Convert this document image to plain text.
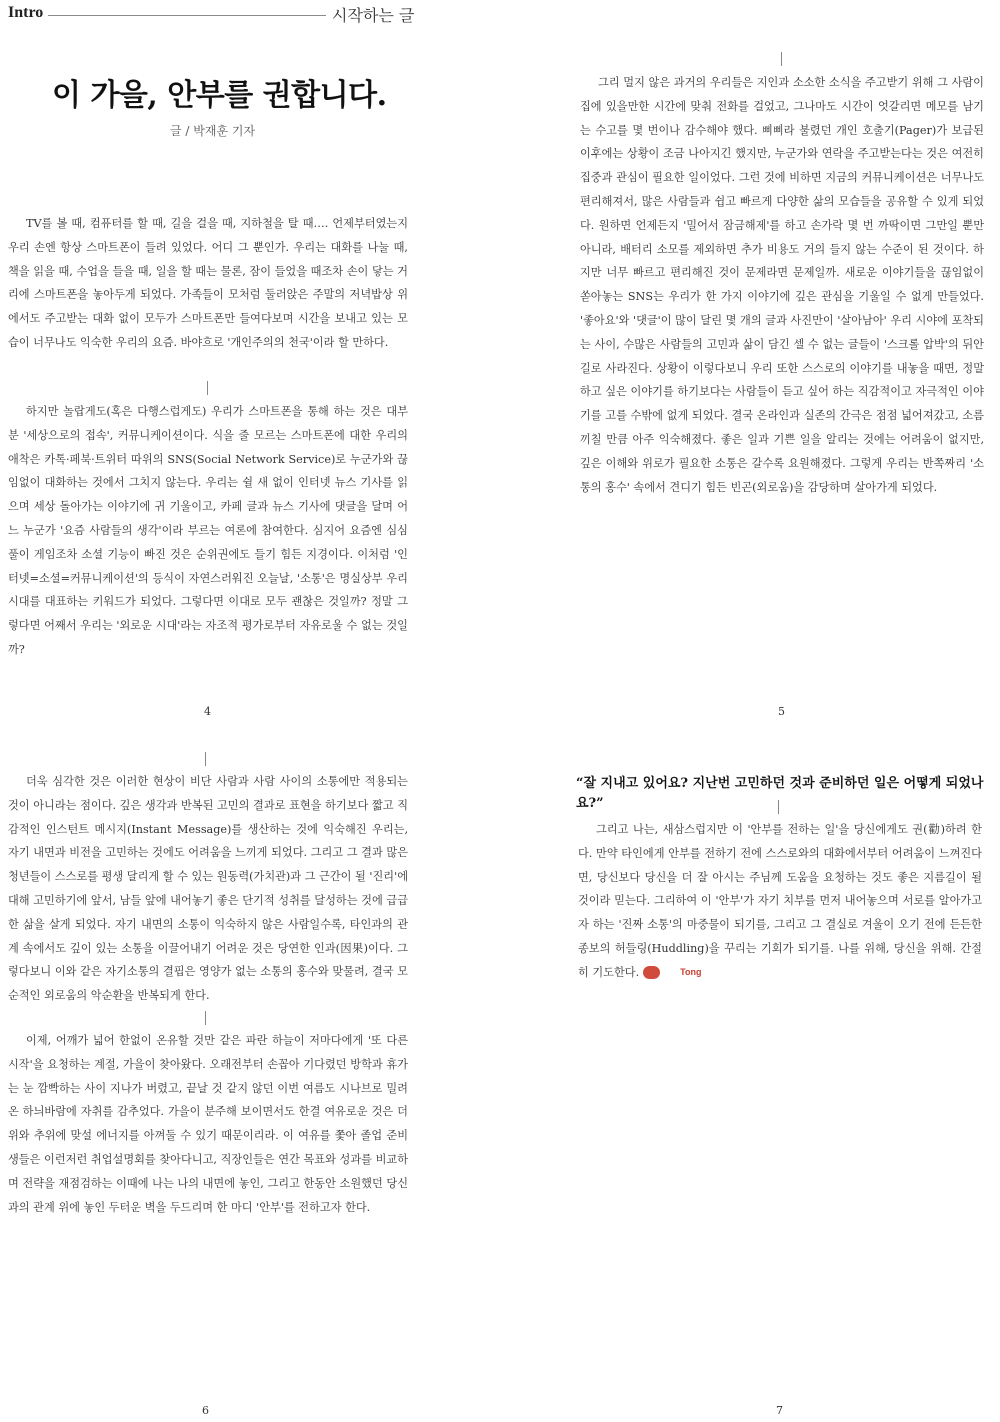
Intro	시작하는 글
이 가을, 안부를 권합니다.
글 / 박재훈 기자

TV를 볼 때, 컴퓨터를 할 때, 길을 걸을 때, 지하철을 탈 때…. 언제부터였는지 우리 손엔 항상 스마트폰이 들려 있었다. 어디 그 뿐인가. 우리는 대화를 나눌 때, 책을 읽을 때, 수업을 들을 때, 일을 할 때는 물론, 잠이 들었을 때조차 손이 닿는 거리에 스마트폰을 놓아두게 되었다. 가족들이 모처럼 둘러앉은 주말의 저녁밥상 위에서도 주고받는 대화 없이 모두가 스마트폰만 들여다보며 시간을 보내고 있는 모습이 너무나도 익숙한 우리의 요즘. 바야흐로 '개인주의의 천국'이라 할 만하다.

하지만 놀랍게도(혹은 다행스럽게도) 우리가 스마트폰을 통해 하는 것은 대부분 '세상으로의 접속', 커뮤니케이션이다. 식을 줄 모르는 스마트폰에 대한 우리의 애착은 카톡·페북·트위터 따위의 SNS(Social Network Service)로 누군가와 끊임없이 대화하는 것에서 그치지 않는다. 우리는 쉴 새 없이 인터넷 뉴스 기사를 읽으며 세상 돌아가는 이야기에 귀 기울이고, 카페 글과 뉴스 기사에 댓글을 달며 어느 누군가 '요즘 사람들의 생각'이라 부르는 여론에 참여한다. 심지어 요즘엔 심심풀이 게임조차 소셜 기능이 빠진 것은 순위권에도 들기 힘든 지경이다. 이처럼 '인터넷=소셜=커뮤니케이션'의 등식이 자연스러워진 오늘날, '소통'은 명실상부 우리 시대를 대표하는 키워드가 되었다. 그렇다면 이대로 모두 괜찮은 것일까? 정말 그렇다면 어째서 우리는 '외로운 시대'라는 자조적 평가로부터 자유로울 수 없는 것일까?

4

그리 멀지 않은 과거의 우리들은 지인과 소소한 소식을 주고받기 위해 그 사람이 집에 있을만한 시간에 맞춰 전화를 걸었고, 그나마도 시간이 엇갈리면 메모를 남기는 수고를 몇 번이나 감수해야 했다. 삐삐라 불렸던 개인 호출기(Pager)가 보급된 이후에는 상황이 조금 나아지긴 했지만, 누군가와 연락을 주고받는다는 것은 여전히 집중과 관심이 필요한 일이었다. 그런 것에 비하면 지금의 커뮤니케이션은 너무나도 편리해져서, 많은 사람들과 쉽고 빠르게 다양한 삶의 모습들을 공유할 수 있게 되었다. 원하면 언제든지 '밀어서 잠금해제'를 하고 손가락 몇 번 까딱이면 그만일 뿐만 아니라, 배터리 소모를 제외하면 추가 비용도 거의 들지 않는 수준이 된 것이다. 하지만 너무 빠르고 편리해진 것이 문제라면 문제일까. 새로운 이야기들을 끊임없이 쏟아놓는 SNS는 우리가 한 가지 이야기에 깊은 관심을 기울일 수 없게 만들었다. '좋아요'와 '댓글'이 많이 달린 몇 개의 글과 사진만이 '살아남아' 우리 시야에 포착되는 사이, 수많은 사람들의 고민과 삶이 담긴 셀 수 없는 글들이 '스크롤 압박'의 뒤안길로 사라진다. 상황이 이렇다보니 우리 또한 스스로의 이야기를 내놓을 때면, 정말 하고 싶은 이야기를 하기보다는 사람들이 듣고 싶어 하는 직감적이고 자극적인 이야기를 고를 수밖에 없게 되었다. 결국 온라인과 실존의 간극은 점점 넓어져갔고, 소름끼칠 만큼 아주 익숙해졌다. 좋은 일과 기쁜 일을 알리는 것에는 어려움이 없지만, 깊은 이해와 위로가 필요한 소통은 갈수록 요원해졌다. 그렇게 우리는 반쪽짜리 '소통의 홍수' 속에서 견디기 힘든 빈곤(외로움)을 감당하며 살아가게 되었다.

5

더욱 심각한 것은 이러한 현상이 비단 사람과 사람 사이의 소통에만 적용되는 것이 아니라는 점이다. 깊은 생각과 반복된 고민의 결과로 표현을 하기보다 짧고 직감적인 인스턴트 메시지(Instant Message)를 생산하는 것에 익숙해진 우리는, 자기 내면과 비전을 고민하는 것에도 어려움을 느끼게 되었다. 그리고 그 결과 많은 청년들이 스스로를 평생 달리게 할 수 있는 원동력(가치관)과 그 근간이 될 '진리'에 대해 고민하기에 앞서, 남들 앞에 내어놓기 좋은 단기적 성취를 달성하는 것에 급급한 삶을 살게 되었다. 자기 내면의 소통이 익숙하지 않은 사람일수록, 타인과의 관계 속에서도 깊이 있는 소통을 이끌어내기 어려운 것은 당연한 인과(因果)이다. 그렇다보니 이와 같은 자기소통의 결핍은 영양가 없는 소통의 홍수와 맞물려, 결국 모순적인 외로움의 악순환을 반복되게 한다.

이제, 어깨가 넓어 한없이 온유할 것만 같은 파란 하늘이 저마다에게 '또 다른 시작'을 요청하는 계절, 가을이 찾아왔다. 오래전부터 손꼽아 기다렸던 방학과 휴가는 눈 깜빡하는 사이 지나가 버렸고, 끝날 것 같지 않던 이번 여름도 시나브로 밀려온 하늬바람에 자취를 감추었다. 가을이 분주해 보이면서도 한결 여유로운 것은 더위와 추위에 맞설 에너지를 아껴둘 수 있기 때문이리라. 이 여유를 쫓아 졸업 준비생들은 이런저런 취업설명회를 찾아다니고, 직장인들은 연간 목표와 성과를 비교하며 전략을 재점검하는 이때에 나는 나의 내면에 놓인, 그리고 한동안 소원했던 당신과의 관계 위에 놓인 두터운 벽을 두드리며 한 마디 '안부'를 전하고자 한다.

6
“잘 지내고 있어요? 지난번 고민하던 것과 준비하던 일은 어떻게 되었나요?”

그리고 나는, 새삼스럽지만 이 '안부를 전하는 일'을 당신에게도 권(勸)하려 한다. 만약 타인에게 안부를 전하기 전에 스스로와의 대화에서부터 어려움이 느껴진다면, 당신보다 당신을 더 잘 아시는 주님께 도움을 요청하는 것도 좋은 지름길이 될 것이라 믿는다. 그리하여 이 '안부'가 자기 치부를 먼저 내어놓으며 서로를 알아가고자 하는 '진짜 소통'의 마중물이 되기를, 그리고 그 결실로 겨울이 오기 전에 든든한 종보의 허들링(Huddling)을 꾸리는 기회가 되기를. 나를 위해, 당신을 위해. 간절히 기도한다.	100 Tong

7
